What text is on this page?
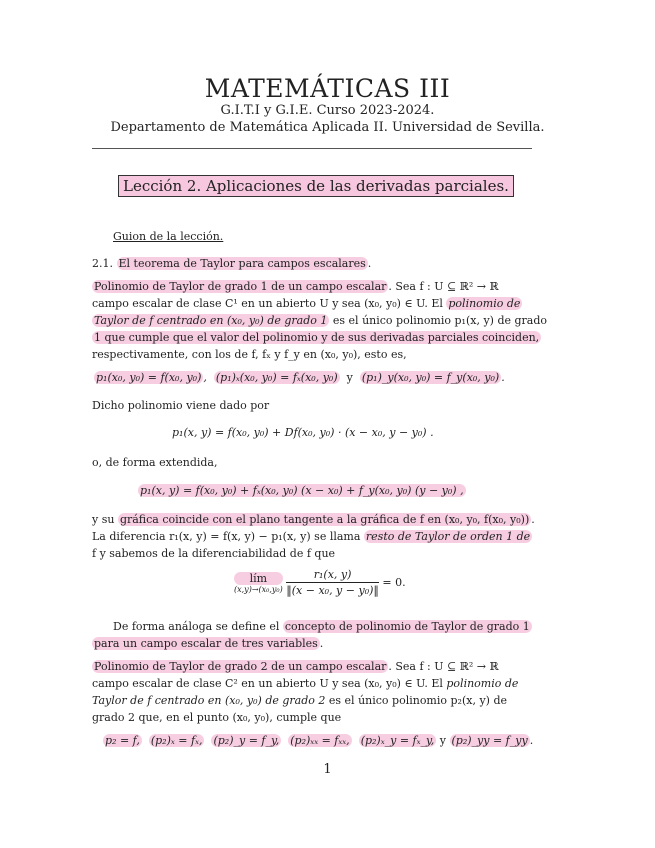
MATEMÁTICAS III
G.I.T.I y G.I.E. Curso 2023-2024.
Departamento de Matemática Aplicada II. Universidad de Sevilla.
Lección 2. Aplicaciones de las derivadas parciales.
Guion de la lección.
2.1. El teorema de Taylor para campos escalares .
Polinomio de Taylor de grado 1 de un campo escalar . Sea f : U ⊆ ℝ² → ℝ
campo escalar de clase C¹ en un abierto U y sea (x₀, y₀) ∈ U. El polinomio de
Taylor de f centrado en (x₀, y₀) de grado 1 es el único polinomio p₁(x, y) de grado
1 que cumple que el valor del polinomio y de sus derivadas parciales coinciden,
respectivamente, con los de f, fₓ y f_y en (x₀, y₀), esto es,
p₁(x₀, y₀) = f(x₀, y₀) , (p₁)ₓ(x₀, y₀) = fₓ(x₀, y₀) y (p₁)_y(x₀, y₀) = f_y(x₀, y₀) .
Dicho polinomio viene dado por
p₁(x, y) = f(x₀, y₀) + Df(x₀, y₀) · (x − x₀, y − y₀) .
o, de forma extendida,
p₁(x, y) = f(x₀, y₀) + fₓ(x₀, y₀) (x − x₀) + f_y(x₀, y₀) (y − y₀) ,
y su gráfica coincide con el plano tangente a la gráfica de f en (x₀, y₀, f(x₀, y₀)) .
La diferencia r₁(x, y) = f(x, y) − p₁(x, y) se llama resto de Taylor de orden 1 de
f y sabemos de la diferenciabilidad de f que
lím
(x,y)→(x₀,y₀)
$\frac{\text{r₁(x, y)}}{\text{‖(x − x₀, y − y₀)‖}} = 0$.
De forma análoga se define el concepto de polinomio de Taylor de grado 1
para un campo escalar de tres variables .
Polinomio de Taylor de grado 2 de un campo escalar . Sea f : U ⊆ ℝ² → ℝ
campo escalar de clase C² en un abierto U y sea (x₀, y₀) ∈ U. El polinomio de
Taylor de f centrado en (x₀, y₀) de grado 2 es el único polinomio p₂(x, y) de
grado 2 que, en el punto (x₀, y₀), cumple que
p₂ = f, (p₂)ₓ = fₓ, (p₂)_y = f_y, (p₂)ₓₓ = fₓₓ, (p₂)ₓ_y = fₓ_y, y (p₂)_yy = f_yy .
1
